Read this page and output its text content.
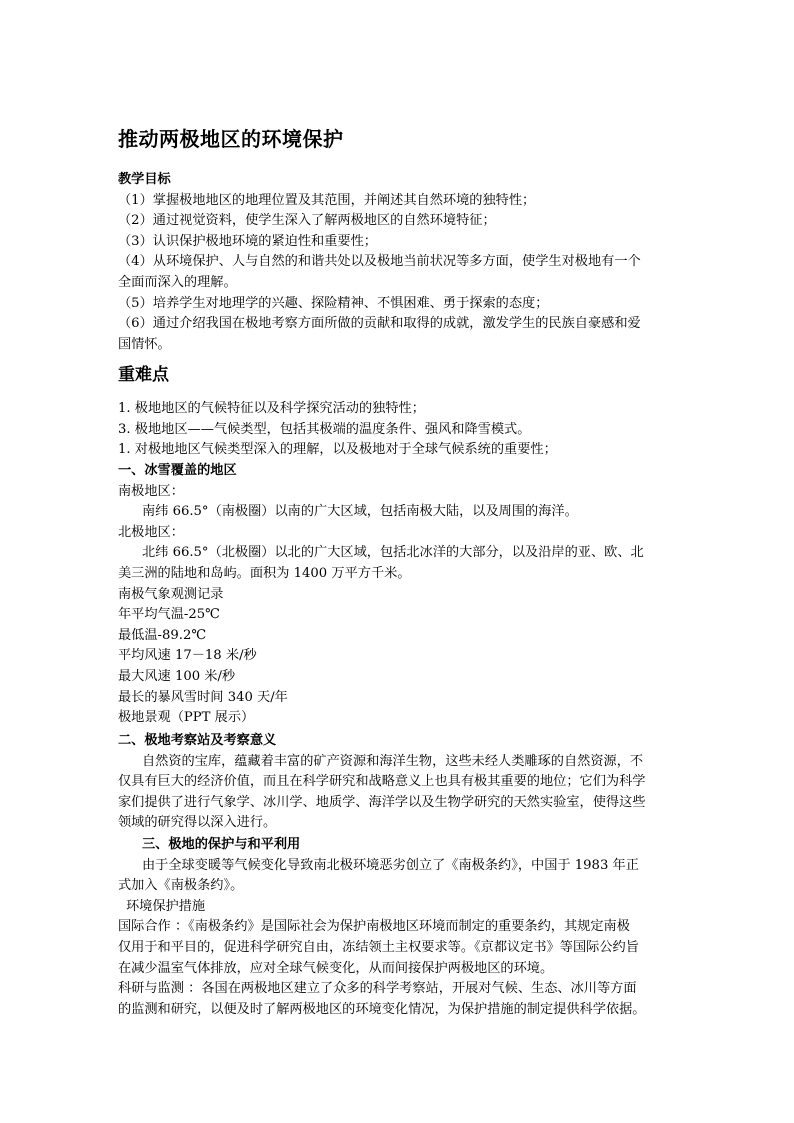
推动两极地区的环境保护
教学目标
（1）掌握极地地区的地理位置及其范围，并阐述其自然环境的独特性；
（2）通过视觉资料，使学生深入了解两极地区的自然环境特征；
（3）认识保护极地环境的紧迫性和重要性；
（4）从环境保护、人与自然的和谐共处以及极地当前状况等多方面，使学生对极地有一个
全面而深入的理解。
（5）培养学生对地理学的兴趣、探险精神、不惧困难、勇于探索的态度；
（6）通过介绍我国在极地考察方面所做的贡献和取得的成就，激发学生的民族自豪感和爱
国情怀。
重难点
1. 极地地区的气候特征以及科学探究活动的独特性；
3. 极地地区——气候类型，包括其极端的温度条件、强风和降雪模式。
1. 对极地地区气候类型深入的理解，以及极地对于全球气候系统的重要性；
一、冰雪覆盖的地区
南极地区：
南纬 66.5°（南极圈）以南的广大区域，包括南极大陆，以及周围的海洋。
北极地区：
北纬 66.5°（北极圈）以北的广大区域，包括北冰洋的大部分，以及沿岸的亚、欧、北
美三洲的陆地和岛屿。面积为 1400 万平方千米。
南极气象观测记录
年平均气温-25℃
最低温-89.2℃
平均风速 17－18 米/秒
最大风速 100 米/秒
最长的暴风雪时间 340 天/年
极地景观（PPT 展示）
二、极地考察站及考察意义
自然资的宝库，蕴藏着丰富的矿产资源和海洋生物，这些未经人类雕琢的自然资源，不
仅具有巨大的经济价值，而且在科学研究和战略意义上也具有极其重要的地位；它们为科学
家们提供了进行气象学、冰川学、地质学、海洋学以及生物学研究的天然实验室，使得这些
领域的研究得以深入进行。
三、极地的保护与和平利用
由于全球变暖等气候变化导致南北极环境恶劣创立了《南极条约》，中国于 1983 年正
式加入《南极条约》。
环境保护措施
国际合作 ：《南极条约》是国际社会为保护南极地区环境而制定的重要条约，其规定南极
仅用于和平目的，促进科学研究自由，冻结领土主权要求等。《京都议定书》等国际公约旨
在减少温室气体排放，应对全球气候变化，从而间接保护两极地区的环境。
科研与监测 ：各国在两极地区建立了众多的科学考察站，开展对气候、生态、冰川等方面
的监测和研究，以便及时了解两极地区的环境变化情况，为保护措施的制定提供科学依据。
